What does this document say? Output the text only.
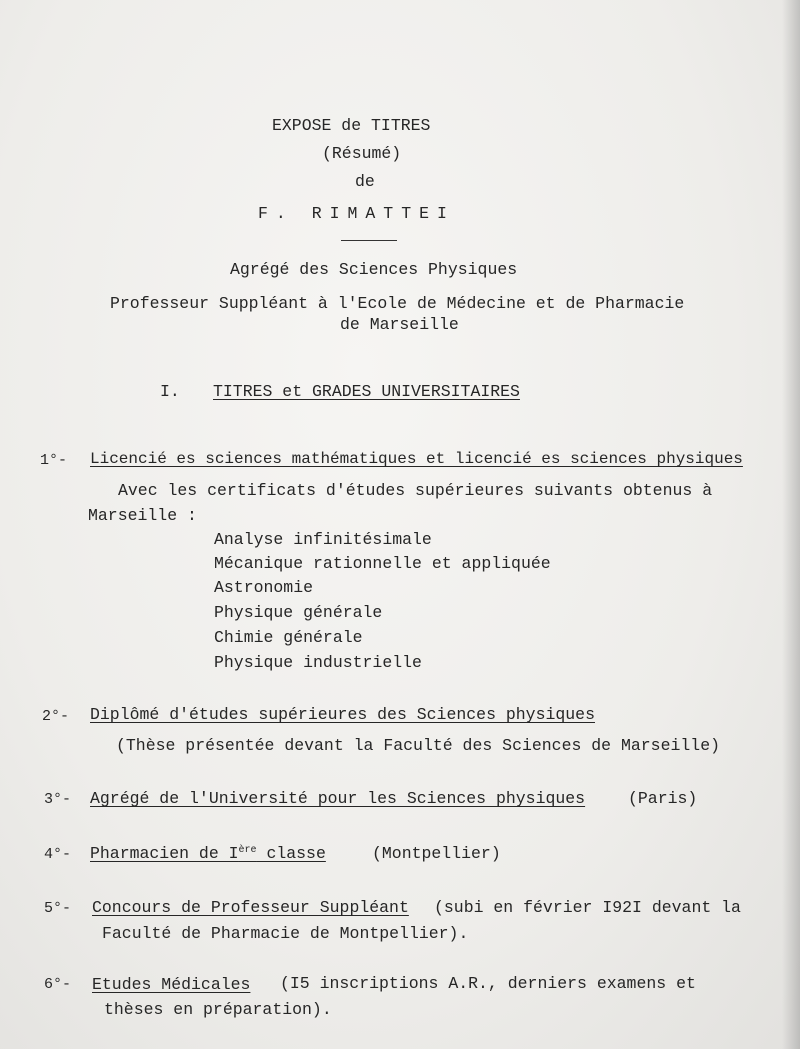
EXPOSE de TITRES
(Résumé)
de
F. RIMATTEI
Agrégé des Sciences Physiques
Professeur Suppléant à l'Ecole de Médecine et de Pharmacie
de Marseille
I. TITRES et GRADES UNIVERSITAIRES
1°- Licencié es sciences mathématiques et licencié es sciences physiques
Avec les certificats d'études supérieures suivants obtenus à
Marseille :
Analyse infinitésimale
Mécanique rationnelle et appliquée
Astronomie
Physique générale
Chimie générale
Physique industrielle
2°- Diplômé d'études supérieures des Sciences physiques
(Thèse présentée devant la Faculté des Sciences de Marseille)
3°- Agrégé de l'Université pour les Sciences physiques	(Paris)
4°- Pharmacien de Ière classe	(Montpellier)
5°- Concours de Professeur Suppléant (subi en février I92I devant la
Faculté de Pharmacie de Montpellier).
6°- Etudes Médicales (I5 inscriptions A.R., derniers examens et
thèses en préparation).
